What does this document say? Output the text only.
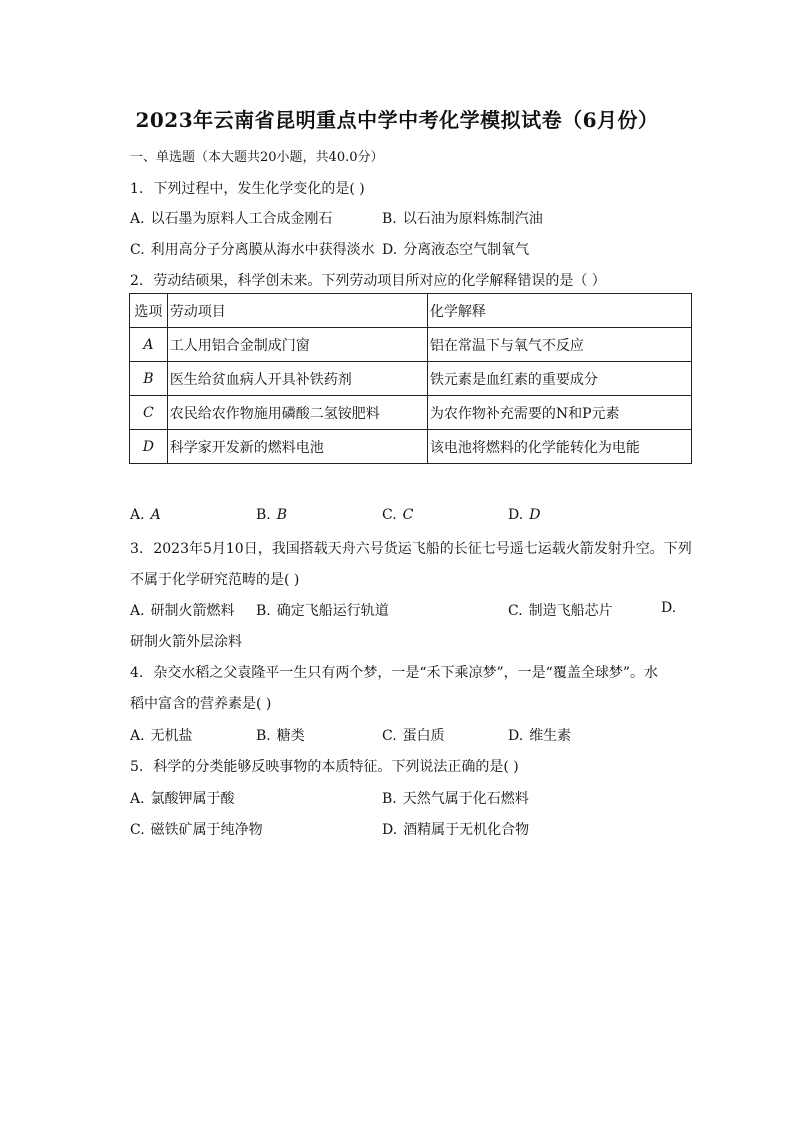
2023年云南省昆明重点中学中考化学模拟试卷（6月份）
一、单选题（本大题共20小题，共40.0分）
1. 下列过程中，发生化学变化的是( )
A. 以石墨为原料人工合成金刚石	B. 以石油为原料炼制汽油
C. 利用高分子分离膜从海水中获得淡水 D. 分离液态空气制氧气
2. 劳动结硕果，科学创未来。下列劳动项目所对应的化学解释错误的是（ ）
选项	劳动项目	化学解释
A	工人用铝合金制成门窗	铝在常温下与氧气不反应
B	医生给贫血病人开具补铁药剂	铁元素是血红素的重要成分
C	农民给农作物施用磷酸二氢铵肥料	为农作物补充需要的N和P元素
D	科学家开发新的燃料电池	该电池将燃料的化学能转化为电能
A. A	B. B	C. C	D. D
3. 2023年5月10日，我国搭载天舟六号货运飞船的长征七号遥七运载火箭发射升空。下列
不属于化学研究范畴的是( )
A. 研制火箭燃料 B. 确定飞船运行轨道	C. 制造飞船芯片	D.
研制火箭外层涂料
4. 杂交水稻之父袁隆平一生只有两个梦，一是“禾下乘凉梦”，一是“覆盖全球梦”。水
稻中富含的营养素是( )
A. 无机盐	B. 糖类	C. 蛋白质	D. 维生素
5. 科学的分类能够反映事物的本质特征。下列说法正确的是( )
A. 氯酸钾属于酸	B. 天然气属于化石燃料
C. 磁铁矿属于纯净物	D. 酒精属于无机化合物
